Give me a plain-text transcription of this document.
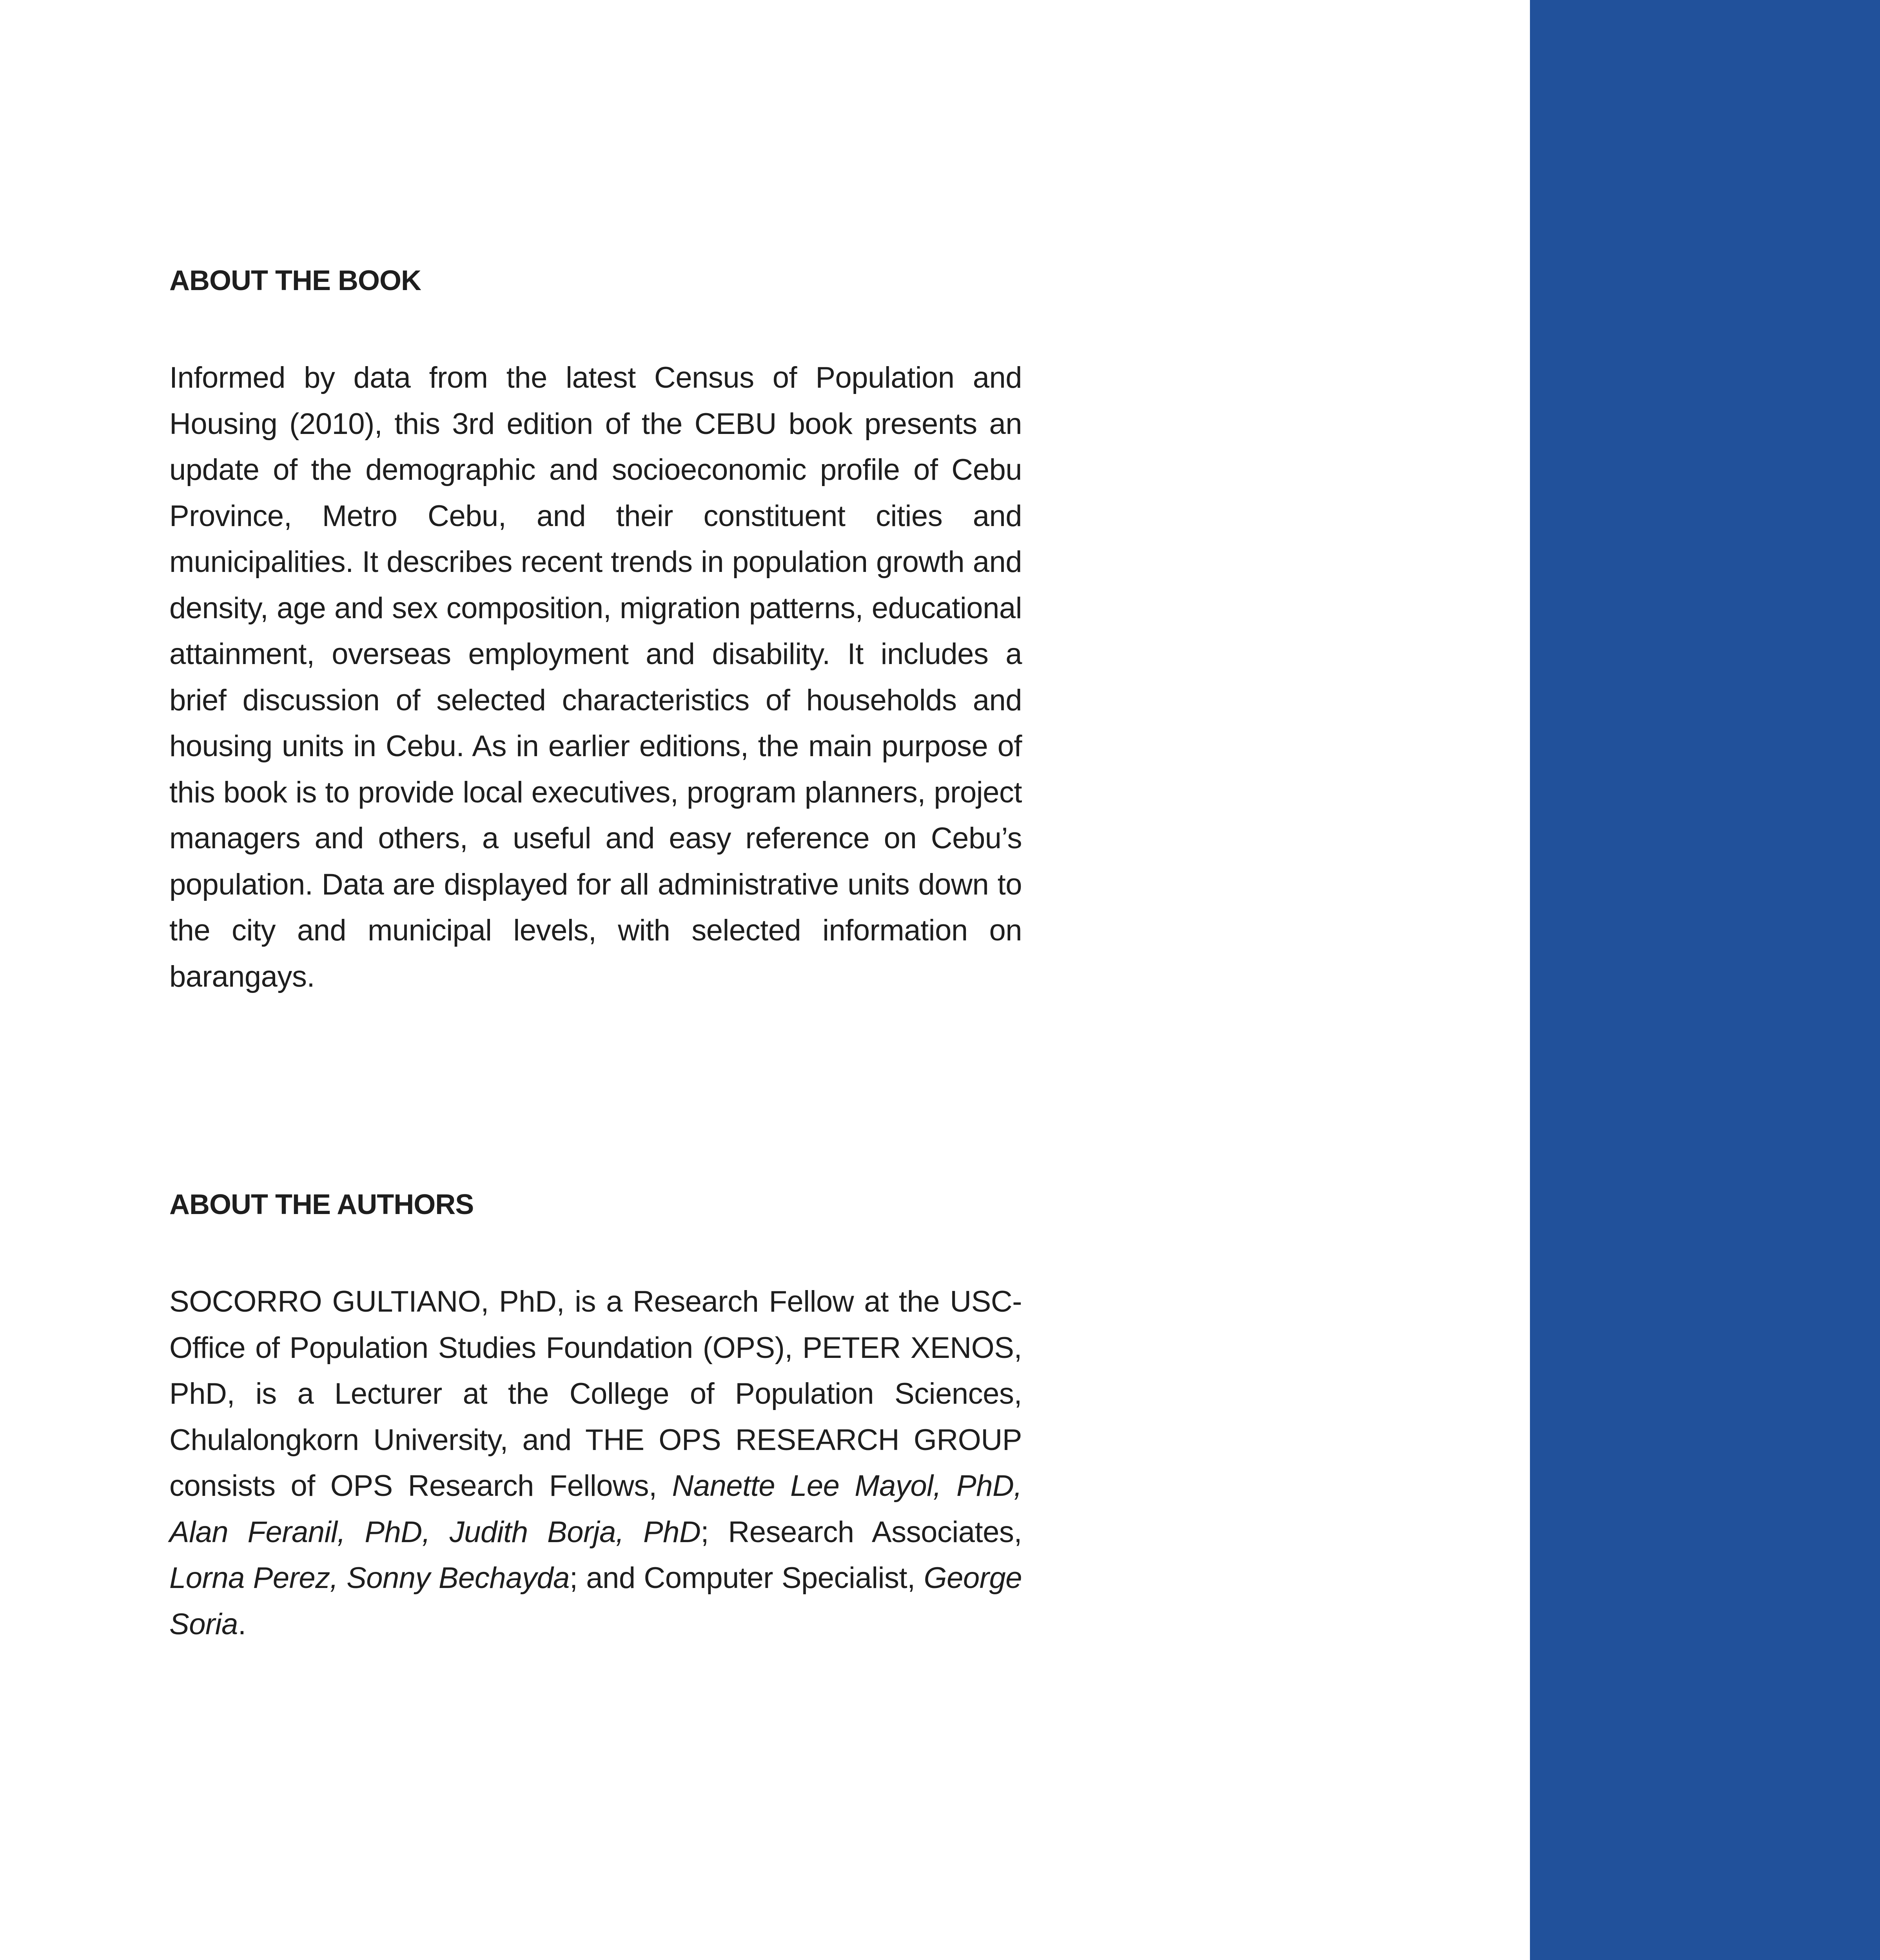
ABOUT THE BOOK
Informed by data from the latest Census of Population and Housing (2010), this 3rd edition of the CEBU book presents an update of the demographic and socioeconomic profile of Cebu Province, Metro Cebu, and their constituent cities and municipalities. It describes recent trends in population growth and density, age and sex composition, migration patterns, educational attainment, overseas employment and disability. It includes a brief discussion of selected characteristics of households and housing units in Cebu. As in earlier editions, the main purpose of this book is to provide local executives, program planners, project managers and others, a useful and easy reference on Cebu’s population. Data are displayed for all administrative units down to the city and municipal levels, with selected information on barangays.
ABOUT THE AUTHORS
SOCORRO GULTIANO, PhD, is a Research Fellow at the USC-Office of Population Studies Foundation (OPS), PETER XENOS, PhD, is a Lecturer at the College of Population Sciences, Chulalongkorn University, and THE OPS RESEARCH GROUP consists of OPS Research Fellows, Nanette Lee Mayol, PhD, Alan Feranil, PhD, Judith Borja, PhD; Research Associates, Lorna Perez, Sonny Bechayda; and Computer Specialist, George Soria.
